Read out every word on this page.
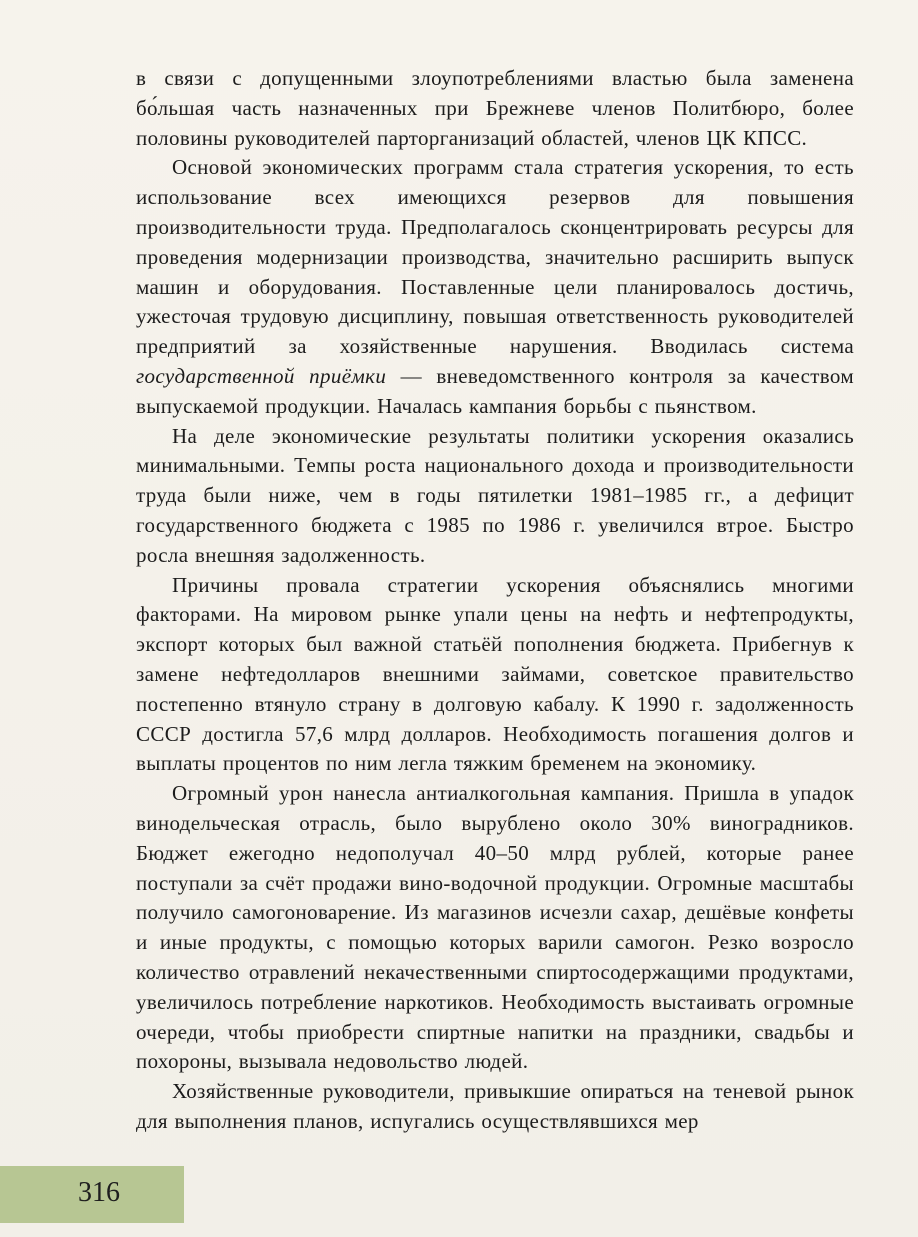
в связи с допущенными злоупотреблениями властью была заменена бо́льшая часть назначенных при Брежневе членов Политбюро, более половины руководителей парторганизаций областей, членов ЦК КПСС.

Основой экономических программ стала стратегия ускорения, то есть использование всех имеющихся резервов для повышения производительности труда. Предполагалось сконцентрировать ресурсы для проведения модернизации производства, значительно расширить выпуск машин и оборудования. Поставленные цели планировалось достичь, ужесточая трудовую дисциплину, повышая ответственность руководителей предприятий за хозяйственные нарушения. Вводилась система государственной приёмки — вневедомственного контроля за качеством выпускаемой продукции. Началась кампания борьбы с пьянством.

На деле экономические результаты политики ускорения оказались минимальными. Темпы роста национального дохода и производительности труда были ниже, чем в годы пятилетки 1981–1985 гг., а дефицит государственного бюджета с 1985 по 1986 г. увеличился втрое. Быстро росла внешняя задолженность.

Причины провала стратегии ускорения объяснялись многими факторами. На мировом рынке упали цены на нефть и нефтепродукты, экспорт которых был важной статьёй пополнения бюджета. Прибегнув к замене нефтедолларов внешними займами, советское правительство постепенно втянуло страну в долговую кабалу. К 1990 г. задолженность СССР достигла 57,6 млрд долларов. Необходимость погашения долгов и выплаты процентов по ним легла тяжким бременем на экономику.

Огромный урон нанесла антиалкогольная кампания. Пришла в упадок винодельческая отрасль, было вырублено около 30% виноградников. Бюджет ежегодно недополучал 40–50 млрд рублей, которые ранее поступали за счёт продажи вино-водочной продукции. Огромные масштабы получило самогоноварение. Из магазинов исчезли сахар, дешёвые конфеты и иные продукты, с помощью которых варили самогон. Резко возросло количество отравлений некачественными спиртосодержащими продуктами, увеличилось потребление наркотиков. Необходимость выстаивать огромные очереди, чтобы приобрести спиртные напитки на праздники, свадьбы и похороны, вызывала недовольство людей.

Хозяйственные руководители, привыкшие опираться на теневой рынок для выполнения планов, испугались осуществлявшихся мер

316
